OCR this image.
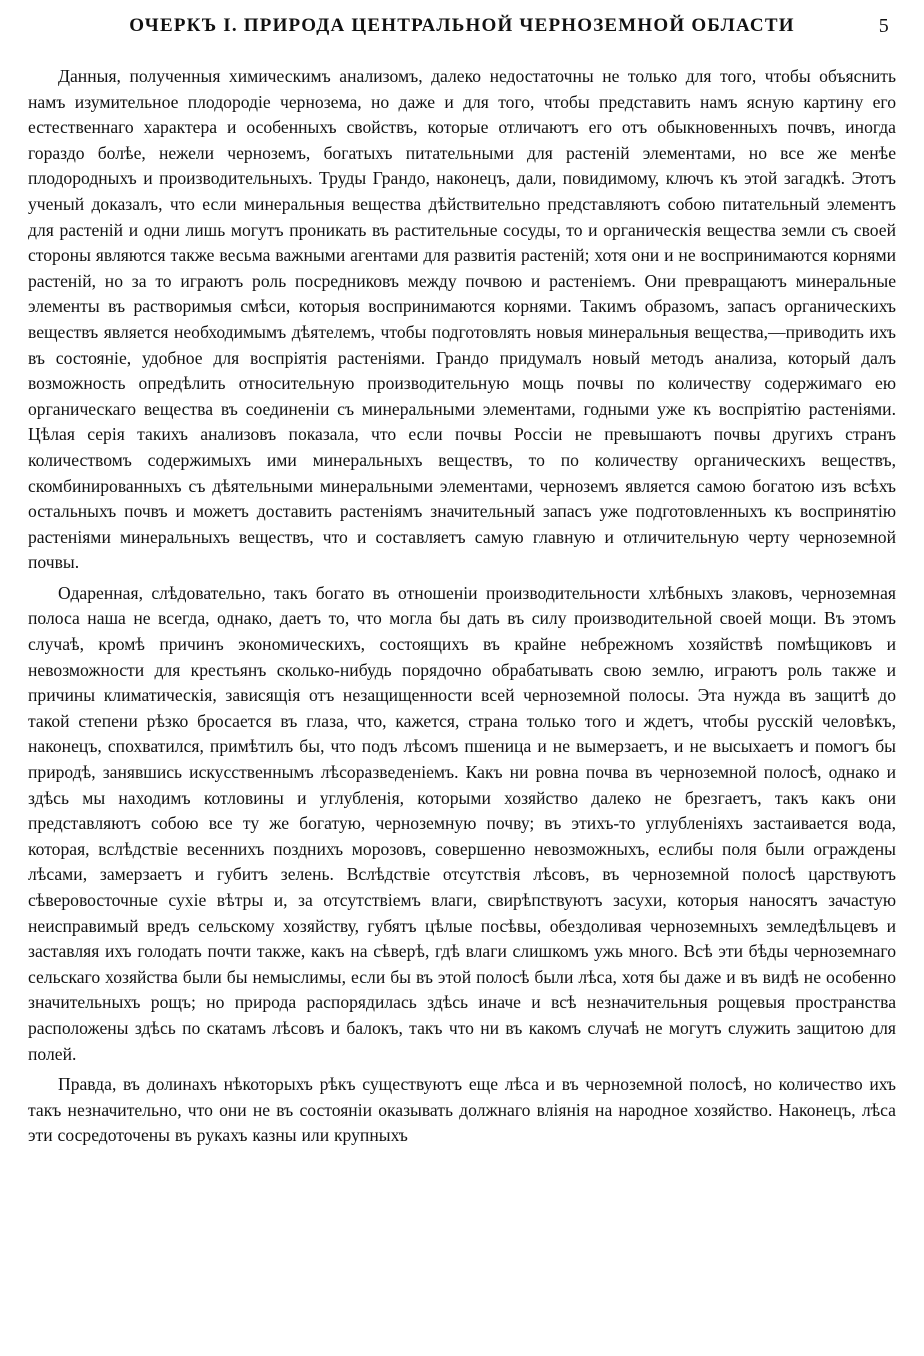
ОЧЕРКЪ I. ПРИРОДА ЦЕНТРАЛЬНОЙ ЧЕРНОЗЕМНОЙ ОБЛАСТИ	5

Данныя, полученныя химическимъ анализомъ, далеко недостаточны не только для того, чтобы объяснить намъ изумительное плодородіе чернозема, но даже и для того, чтобы представить намъ ясную картину его естественнаго характера и особенныхъ свойствъ, которые отличаютъ его отъ обыкновенныхъ почвъ, иногда гораздо болѣе, нежели черноземъ, богатыхъ питательными для растеній элементами, но все же менѣе плодородныхъ и производительныхъ. Труды Грандо, наконецъ, дали, повидимому, ключъ къ этой загадкѣ. Этотъ ученый доказалъ, что если минеральныя вещества дѣйствительно представляютъ собою питательный элементъ для растеній и одни лишь могутъ проникать въ растительные сосуды, то и органическія вещества земли съ своей стороны являются также весьма важными агентами для развитія растеній; хотя они и не воспринимаются корнями растеній, но за то играютъ роль посредниковъ между почвою и растеніемъ. Они превращаютъ минеральные элементы въ растворимыя смѣси, которыя воспринимаются корнями. Такимъ образомъ, запасъ органическихъ веществъ является необходимымъ дѣятелемъ, чтобы подготовлять новыя минеральныя вещества,—приводить ихъ въ состояніе, удобное для воспріятія растеніями. Грандо придумалъ новый методъ анализа, который далъ возможность опредѣлить относительную производительную мощь почвы по количеству содержимаго ею органическаго вещества въ соединеніи съ минеральными элементами, годными уже къ воспріятію растеніями. Цѣлая серія такихъ анализовъ показала, что если почвы Россіи не превышаютъ почвы другихъ странъ количествомъ содержимыхъ ими минеральныхъ веществъ, то по количеству органическихъ веществъ, скомбинированныхъ съ дѣятельными минеральными элементами, черноземъ является самою богатою изъ всѣхъ остальныхъ почвъ и можетъ доставить растеніямъ значительный запасъ уже подготовленныхъ къ воспринятію растеніями минеральныхъ веществъ, что и составляетъ самую главную и отличительную черту черноземной почвы.

Одаренная, слѣдовательно, такъ богато въ отношеніи производительности хлѣбныхъ злаковъ, черноземная полоса наша не всегда, однако, даетъ то, что могла бы дать въ силу производительной своей мощи. Въ этомъ случаѣ, кромѣ причинъ экономическихъ, состоящихъ въ крайне небрежномъ хозяйствѣ помѣщиковъ и невозможности для крестьянъ сколько-нибудь порядочно обрабатывать свою землю, играютъ роль также и причины климатическія, зависящія отъ незащищенности всей черноземной полосы. Эта нужда въ защитѣ до такой степени рѣзко бросается въ глаза, что, кажется, страна только того и ждетъ, чтобы русскій человѣкъ, наконецъ, спохватился, примѣтилъ бы, что подъ лѣсомъ пшеница и не вымерзаетъ, и не высыхаетъ и помогъ бы природѣ, занявшись искусственнымъ лѣсоразведеніемъ. Какъ ни ровна почва въ черноземной полосѣ, однако и здѣсь мы находимъ котловины и углубленія, которыми хозяйство далеко не брезгаетъ, такъ какъ они представляютъ собою все ту же богатую, черноземную почву; въ этихъ-то углубленіяхъ застаивается вода, которая, вслѣдствіе весеннихъ позднихъ морозовъ, совершенно невозможныхъ, еслибы поля были ограждены лѣсами, замерзаетъ и губитъ зелень. Вслѣдствіе отсутствія лѣсовъ, въ черноземной полосѣ царствуютъ сѣверовосточные сухіе вѣтры и, за отсутствіемъ влаги, свирѣпствуютъ засухи, которыя наносятъ зачастую неисправимый вредъ сельскому хозяйству, губятъ цѣлые посѣвы, обездоливая черноземныхъ земледѣльцевъ и заставляя ихъ голодать почти также, какъ на сѣверѣ, гдѣ влаги слишкомъ ужь много. Всѣ эти бѣды черноземнаго сельскаго хозяйства были бы немыслимы, если бы въ этой полосѣ были лѣса, хотя бы даже и въ видѣ не особенно значительныхъ рощъ; но природа распорядилась здѣсь иначе и всѣ незначительныя рощевыя пространства расположены здѣсь по скатамъ лѣсовъ и балокъ, такъ что ни въ какомъ случаѣ не могутъ служить защитою для полей.

Правда, въ долинахъ нѣкоторыхъ рѣкъ существуютъ еще лѣса и въ черноземной полосѣ, но количество ихъ такъ незначительно, что они не въ состояніи оказывать должнаго вліянія на народное хозяйство. Наконецъ, лѣса эти сосредоточены въ рукахъ казны или крупныхъ
